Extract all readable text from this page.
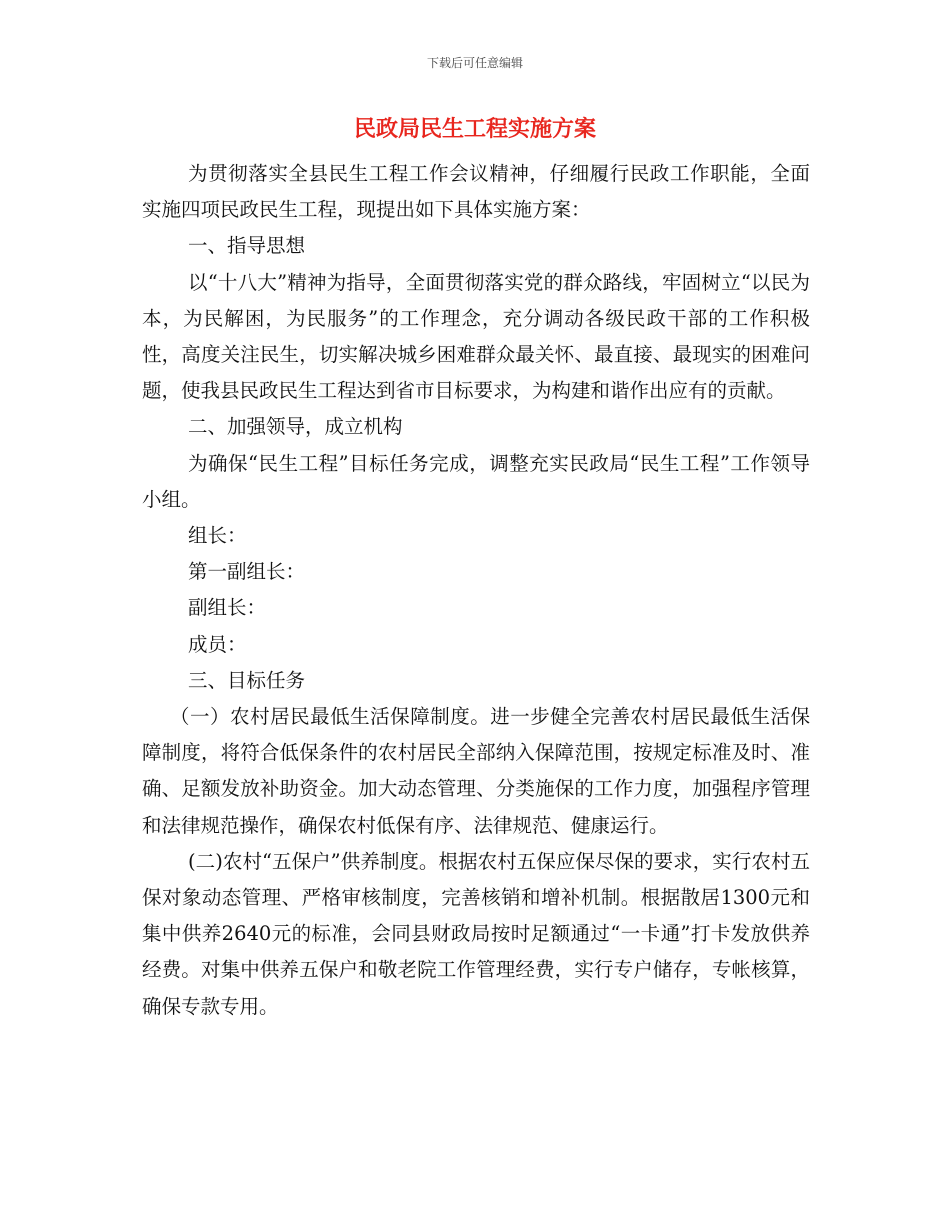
下载后可任意编辑
民政局民生工程实施方案

为贯彻落实全县民生工程工作会议精神，仔细履行民政工作职能，全面实施四项民政民生工程，现提出如下具体实施方案：

一、指导思想

以“十八大”精神为指导，全面贯彻落实党的群众路线，牢固树立“以民为本，为民解困，为民服务”的工作理念，充分调动各级民政干部的工作积极性，高度关注民生，切实解决城乡困难群众最关怀、最直接、最现实的困难问题，使我县民政民生工程达到省市目标要求，为构建和谐作出应有的贡献。

二、加强领导，成立机构

为确保“民生工程”目标任务完成，调整充实民政局“民生工程”工作领导小组。

组长：

第一副组长：

副组长：

成员：

三、目标任务

（一）农村居民最低生活保障制度。进一步健全完善农村居民最低生活保障制度，将符合低保条件的农村居民全部纳入保障范围，按规定标准及时、准确、足额发放补助资金。加大动态管理、分类施保的工作力度，加强程序管理和法律规范操作，确保农村低保有序、法律规范、健康运行。

(二)农村“五保户”供养制度。根据农村五保应保尽保的要求，实行农村五保对象动态管理、严格审核制度，完善核销和增补机制。根据散居1300元和集中供养2640元的标准，会同县财政局按时足额通过“一卡通”打卡发放供养经费。对集中供养五保户和敬老院工作管理经费，实行专户储存，专帐核算，确保专款专用。
